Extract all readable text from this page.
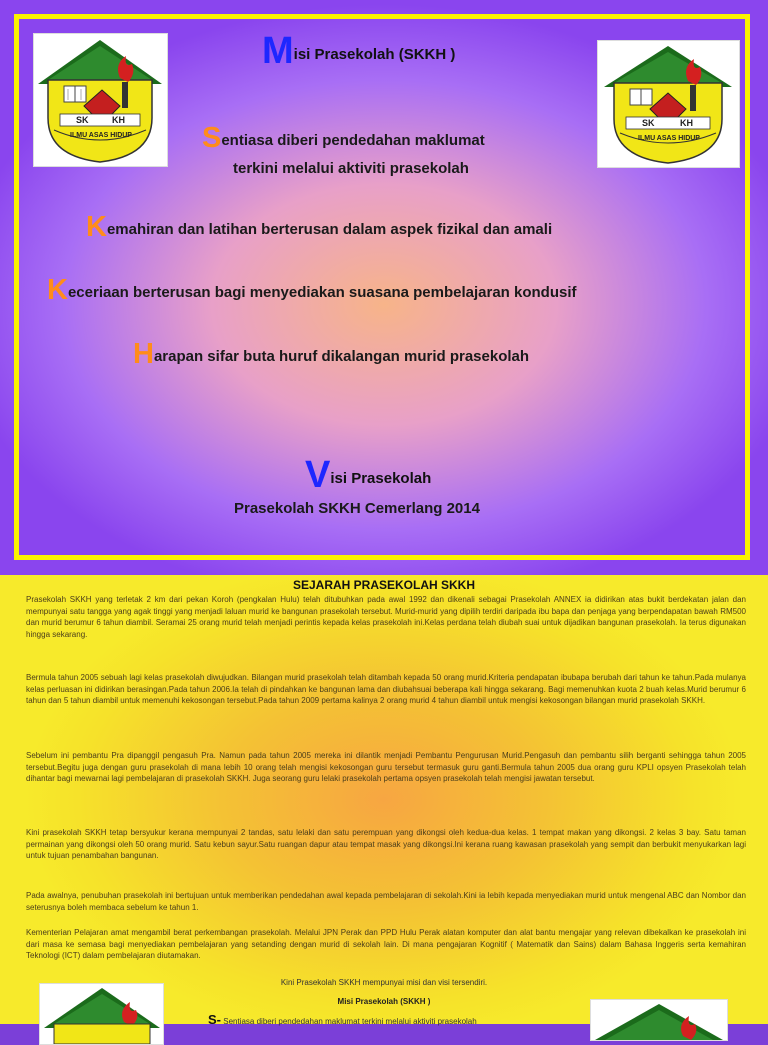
SK	KH
ILMU ASAS HIDUP
SK	KH
ILMU ASAS HIDUP
Misi Prasekolah (SKKH )
Sentiasa diberi pendedahan maklumat
terkini melalui aktiviti prasekolah
Kemahiran dan latihan berterusan dalam aspek fizikal dan amali
Keceriaan berterusan bagi menyediakan suasana pembelajaran kondusif
Harapan sifar buta huruf dikalangan murid prasekolah
Visi Prasekolah
Prasekolah SKKH Cemerlang 2014
SEJARAH PRASEKOLAH SKKH
Prasekolah SKKH yang terletak 2 km dari pekan Koroh (pengkalan Hulu) telah ditubuhkan pada awal 1992 dan dikenali sebagai Prasekolah ANNEX ia didirikan atas bukit berdekatan jalan dan mempunyai satu tangga yang agak tinggi yang menjadi laluan murid ke bangunan prasekolah tersebut. Murid-murid yang dipilih terdiri daripada ibu bapa dan penjaga yang berpendapatan bawah RM500 dan murid berumur 6 tahun diambil. Seramai 25 orang murid telah menjadi perintis kepada kelas prasekolah ini.Kelas perdana telah diubah suai untuk dijadikan bangunan prasekolah. Ia terus digunakan hingga sekarang.
Bermula tahun 2005 sebuah lagi kelas prasekolah diwujudkan. Bilangan murid prasekolah telah ditambah kepada 50 orang murid.Kriteria pendapatan ibubapa berubah dari tahun ke tahun.Pada mulanya kelas perluasan ini didirikan berasingan.Pada tahun 2006.Ia telah di pindahkan ke bangunan lama dan diubahsuai beberapa kali hingga sekarang. Bagi memenuhkan kuota 2 buah kelas.Murid berumur 6 tahun dan 5 tahun diambil untuk memenuhi kekosongan tersebut.Pada tahun 2009 pertama kalinya 2 orang murid 4 tahun diambil untuk mengisi kekosongan bilangan murid prasekolah SKKH.
Sebelum ini pembantu Pra dipanggil pengasuh Pra. Namun pada tahun 2005 mereka ini dilantik menjadi Pembantu Pengurusan Murid.Pengasuh dan pembantu silih berganti sehingga tahun 2005 tersebut.Begitu juga dengan guru prasekolah di mana lebih 10 orang telah mengisi kekosongan guru tersebut termasuk guru ganti.Bermula tahun 2005 dua orang guru KPLI opsyen Prasekolah telah dihantar bagi mewarnai lagi pembelajaran di prasekolah SKKH. Juga seorang guru lelaki prasekolah pertama opsyen prasekolah telah mengisi jawatan tersebut.
Kini prasekolah SKKH tetap bersyukur kerana mempunyai 2 tandas, satu lelaki dan satu perempuan yang dikongsi oleh kedua-dua kelas. 1 tempat makan yang dikongsi. 2 kelas 3 bay. Satu taman permainan yang dikongsi oleh 50 orang murid. Satu kebun sayur.Satu ruangan dapur atau tempat masak yang dikongsi.Ini kerana ruang kawasan prasekolah yang sempit dan berbukit menyukarkan lagi untuk tujuan penambahan bangunan.
Pada awalnya, penubuhan prasekolah ini bertujuan untuk memberikan pendedahan awal kepada pembelajaran di sekolah.Kini ia lebih kepada menyediakan murid untuk mengenal ABC dan Nombor dan seterusnya boleh membaca sebelum ke tahun 1.
Kementerian Pelajaran amat mengambil berat perkembangan prasekolah. Melalui JPN Perak dan PPD Hulu Perak alatan komputer dan alat bantu mengajar yang relevan dibekalkan ke prasekolah ini dari masa ke semasa bagi menyediakan pembelajaran yang setanding dengan murid di sekolah lain. Di mana pengajaran Kognitif ( Matematik dan Sains) dalam Bahasa Inggeris serta kemahiran Teknologi (ICT) dalam pembelajaran diutamakan.
Kini Prasekolah SKKH mempunyai misi dan visi tersendiri.
Misi Prasekolah (SKKH )
S- Sentiasa diberi pendedahan maklumat terkini melalui aktiviti prasekolah
